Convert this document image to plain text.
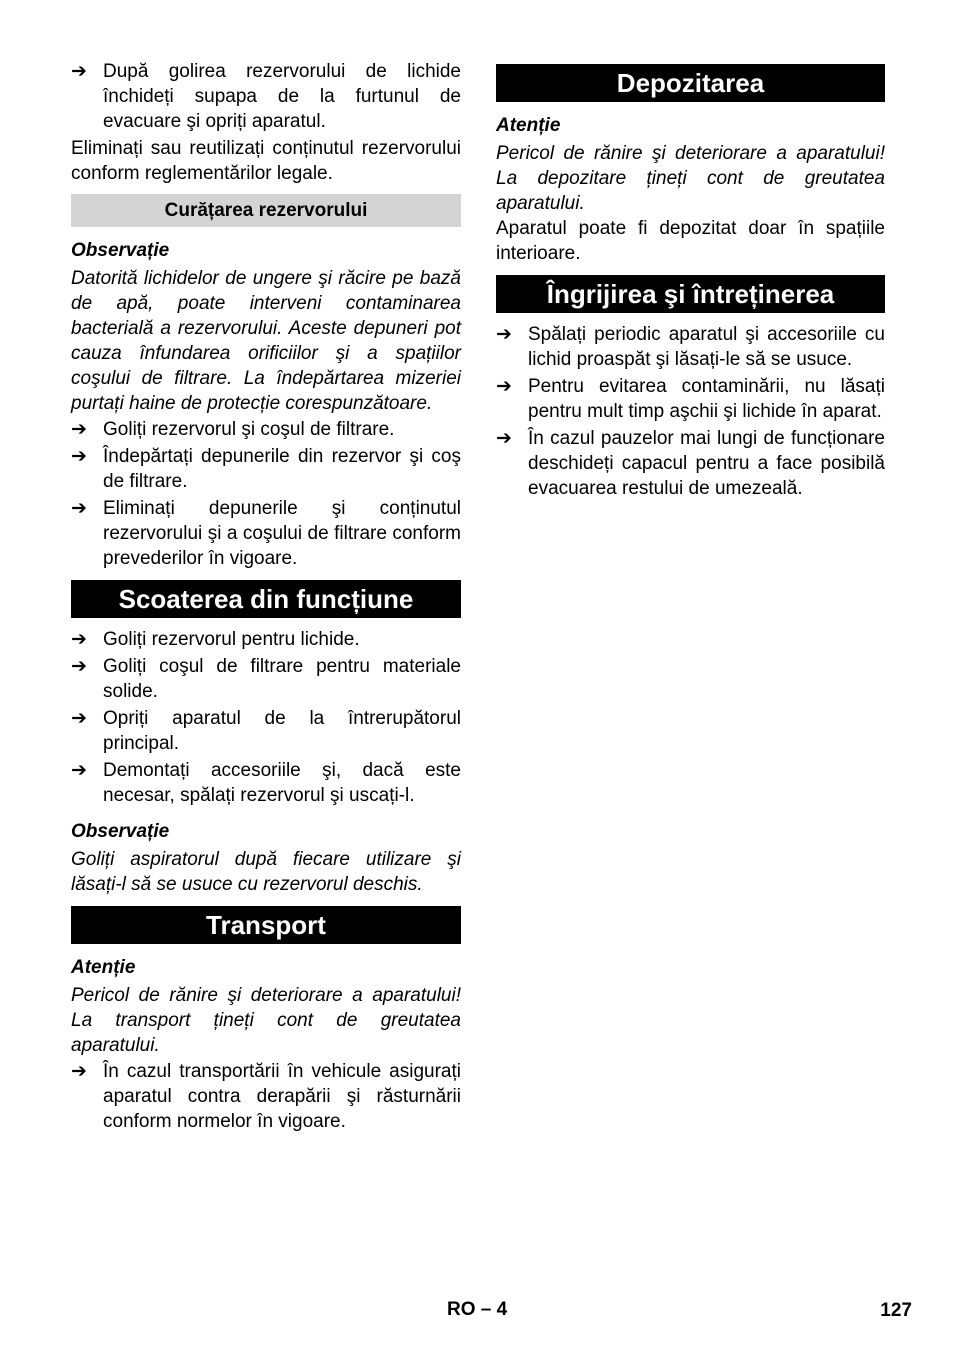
➔ După golirea rezervorului de lichide închideți supapa de la furtunul de evacuare şi opriți aparatul.

Eliminați sau reutilizați conținutul rezervorului conform reglementărilor legale.

Curățarea rezervorului
Observație

Datorită lichidelor de ungere şi răcire pe bază de apă, poate interveni contaminarea bacterială a rezervorului. Aceste depuneri pot cauza înfundarea orificiilor şi a spațiilor coşului de filtrare. La îndepărtarea mizeriei purtați haine de protecție corespunzătoare.

➔ Goliți rezervorul şi coşul de filtrare.

➔ Îndepărtați depunerile din rezervor şi coş de filtrare.

➔ Eliminați depunerile şi conținutul rezervorului şi a coşului de filtrare conform prevederilor în vigoare.

Scoaterea din funcțiune
➔ Goliți rezervorul pentru lichide.

➔ Goliți coşul de filtrare pentru materiale solide.

➔ Opriți aparatul de la întrerupătorul principal.

➔ Demontați accesoriile şi, dacă este necesar, spălați rezervorul şi uscați-l.

Observație

Goliți aspiratorul după fiecare utilizare şi lăsați-l să se usuce cu rezervorul deschis.

Transport
Atenție

Pericol de rănire şi deteriorare a aparatului! La transport țineți cont de greutatea aparatului.

➔ În cazul transportării în vehicule asigurați aparatul contra derapării şi răsturnării conform normelor în vigoare.

Depozitarea
Atenție

Pericol de rănire şi deteriorare a aparatului! La depozitare țineți cont de greutatea aparatului.

Aparatul poate fi depozitat doar în spațiile interioare.

Îngrijirea şi întreținerea
➔ Spălați periodic aparatul şi accesoriile cu lichid proaspăt şi lăsați-le să se usuce.

➔ Pentru evitarea contaminării, nu lăsați pentru mult timp aşchii şi lichide în aparat.

➔ În cazul pauzelor mai lungi de funcționare deschideți capacul pentru a face posibilă evacuarea restului de umezeală.

RO – 4	127
